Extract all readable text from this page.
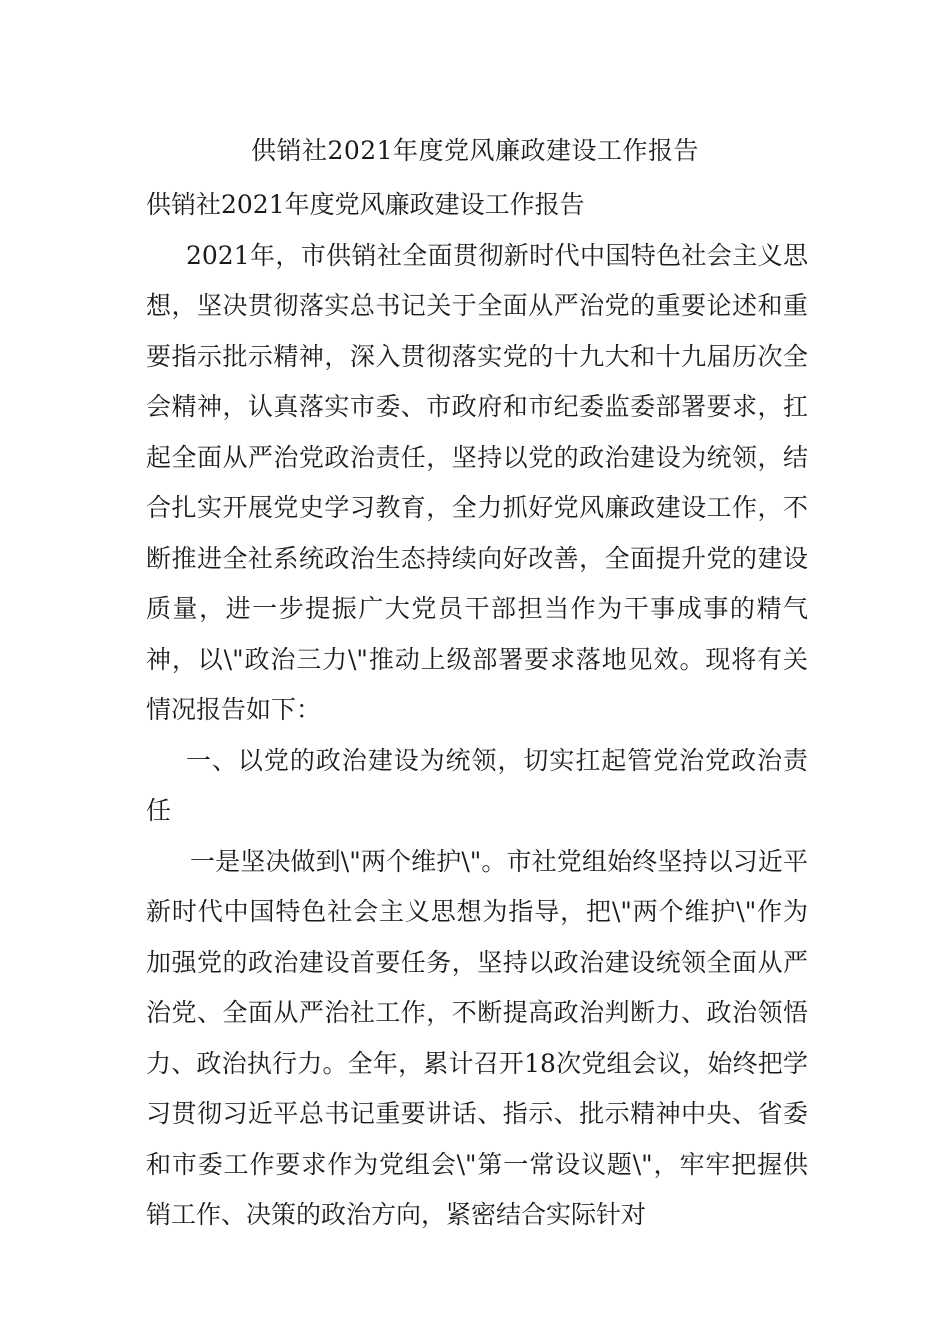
供销社2021年度党风廉政建设工作报告

供销社2021年度党风廉政建设工作报告

2021年，市供销社全面贯彻新时代中国特色社会主义思想，坚决贯彻落实总书记关于全面从严治党的重要论述和重要指示批示精神，深入贯彻落实党的十九大和十九届历次全会精神，认真落实市委、市政府和市纪委监委部署要求，扛起全面从严治党政治责任，坚持以党的政治建设为统领，结合扎实开展党史学习教育，全力抓好党风廉政建设工作，不断推进全社系统政治生态持续向好改善，全面提升党的建设质量，进一步提振广大党员干部担当作为干事成事的精气神，以\"政治三力\"推动上级部署要求落地见效。现将有关情况报告如下：

一、以党的政治建设为统领，切实扛起管党治党政治责任

一是坚决做到\"两个维护\"。市社党组始终坚持以习近平新时代中国特色社会主义思想为指导，把\"两个维护\"作为加强党的政治建设首要任务，坚持以政治建设统领全面从严治党、全面从严治社工作，不断提高政治判断力、政治领悟力、政治执行力。全年，累计召开18次党组会议，始终把学习贯彻习近平总书记重要讲话、指示、批示精神中央、省委和市委工作要求作为党组会\"第一常设议题\"，牢牢把握供销工作、决策的政治方向，紧密结合实际针对
